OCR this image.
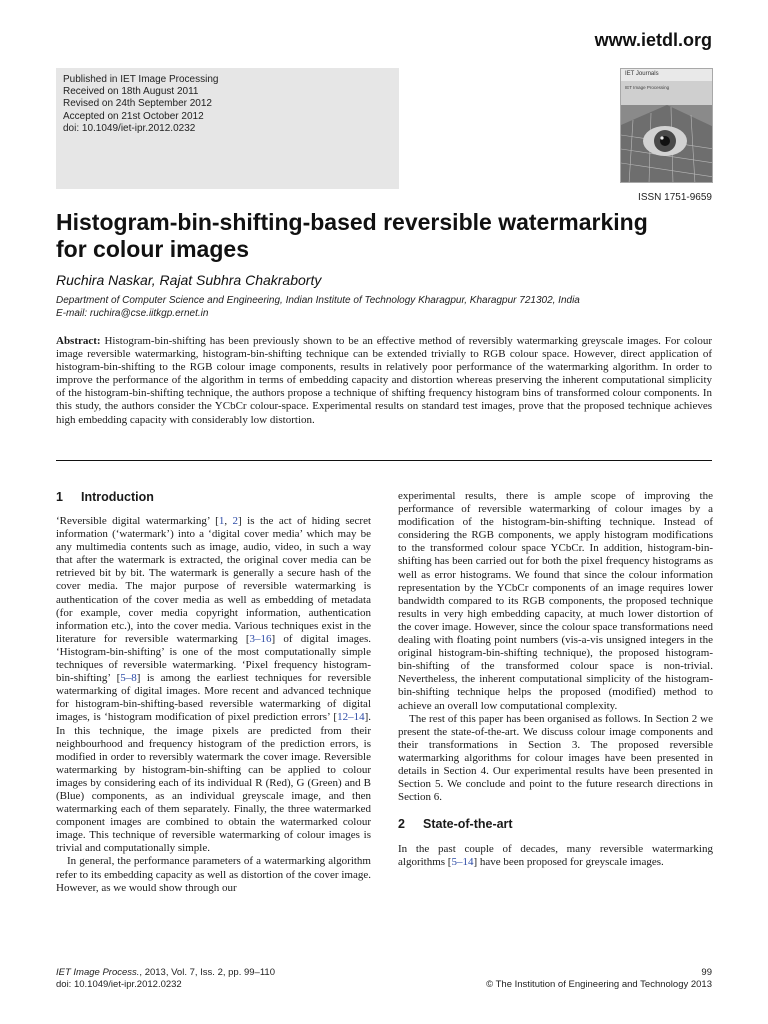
www.ietdl.org
Published in IET Image Processing
Received on 18th August 2011
Revised on 24th September 2012
Accepted on 21st October 2012
doi: 10.1049/iet-ipr.2012.0232
IET Journals
IET Image Processing
ISSN 1751-9659
Histogram-bin-shifting-based reversible watermarking for colour images
Ruchira Naskar, Rajat Subhra Chakraborty
Department of Computer Science and Engineering, Indian Institute of Technology Kharagpur, Kharagpur 721302, India
E-mail: ruchira@cse.iitkgp.ernet.in

Abstract: Histogram-bin-shifting has been previously shown to be an effective method of reversibly watermarking greyscale images. For colour image reversible watermarking, histogram-bin-shifting technique can be extended trivially to RGB colour space. However, direct application of histogram-bin-shifting to the RGB colour image components, results in relatively poor performance of the watermarking algorithm. In order to improve the performance of the algorithm in terms of embedding capacity and distortion whereas preserving the inherent computational simplicity of the histogram-bin-shifting technique, the authors propose a technique of shifting frequency histogram bins of transformed colour components. In this study, the authors consider the YCbCr colour-space. Experimental results on standard test images, prove that the proposed technique achieves high embedding capacity with considerably low distortion.

1 Introduction

‘Reversible digital watermarking’ [1, 2] is the act of hiding secret information (‘watermark’) into a ‘digital cover media’ which may be any multimedia contents such as image, audio, video, in such a way that after the watermark is extracted, the original cover media can be retrieved bit by bit. The watermark is generally a secure hash of the cover media. The major purpose of reversible watermarking is authentication of the cover media as well as embedding of metadata (for example, cover media copyright information, authentication information etc.), into the cover media. Various techniques exist in the literature for reversible watermarking [3–16] of digital images. ‘Histogram-bin-shifting’ is one of the most computationally simple techniques of reversible watermarking. ‘Pixel frequency histogram-bin-shifting’ [5–8] is among the earliest techniques for reversible watermarking of digital images. More recent and advanced technique for histogram-bin-shifting-based reversible watermarking of digital images, is ‘histogram modification of pixel prediction errors’ [12–14]. In this technique, the image pixels are predicted from their neighbourhood and frequency histogram of the prediction errors, is modified in order to reversibly watermark the cover image. Reversible watermarking by histogram-bin-shifting can be applied to colour images by considering each of its individual R (Red), G (Green) and B (Blue) components, as an individual greyscale image, and then watermarking each of them separately. Finally, the three watermarked component images are combined to obtain the watermarked colour image. This technique of reversible watermarking of colour images is trivial and computationally simple.

In general, the performance parameters of a watermarking algorithm refer to its embedding capacity as well as distortion of the cover image. However, as we would show through our

experimental results, there is ample scope of improving the performance of reversible watermarking of colour images by a modification of the histogram-bin-shifting technique. Instead of considering the RGB components, we apply histogram modifications to the transformed colour space YCbCr. In addition, histogram-bin-shifting has been carried out for both the pixel frequency histograms as well as error histograms. We found that since the colour information representation by the YCbCr components of an image requires lower bandwidth compared to its RGB components, the proposed technique results in very high embedding capacity, at much lower distortion of the cover image. However, since the colour space transformations need dealing with floating point numbers (vis-a-vis unsigned integers in the original histogram-bin-shifting technique), the proposed histogram-bin-shifting of the transformed colour space is non-trivial. Nevertheless, the inherent computational simplicity of the histogram-bin-shifting technique helps the proposed (modified) method to achieve an overall low computational complexity.

The rest of this paper has been organised as follows. In Section 2 we present the state-of-the-art. We discuss colour image components and their transformations in Section 3. The proposed reversible watermarking algorithms for colour images have been presented in details in Section 4. Our experimental results have been presented in Section 5. We conclude and point to the future research directions in Section 6.

2 State-of-the-art

In the past couple of decades, many reversible watermarking algorithms [5–14] have been proposed for greyscale images.

IET Image Process., 2013, Vol. 7, Iss. 2, pp. 99–110
doi: 10.1049/iet-ipr.2012.0232
99
© The Institution of Engineering and Technology 2013
